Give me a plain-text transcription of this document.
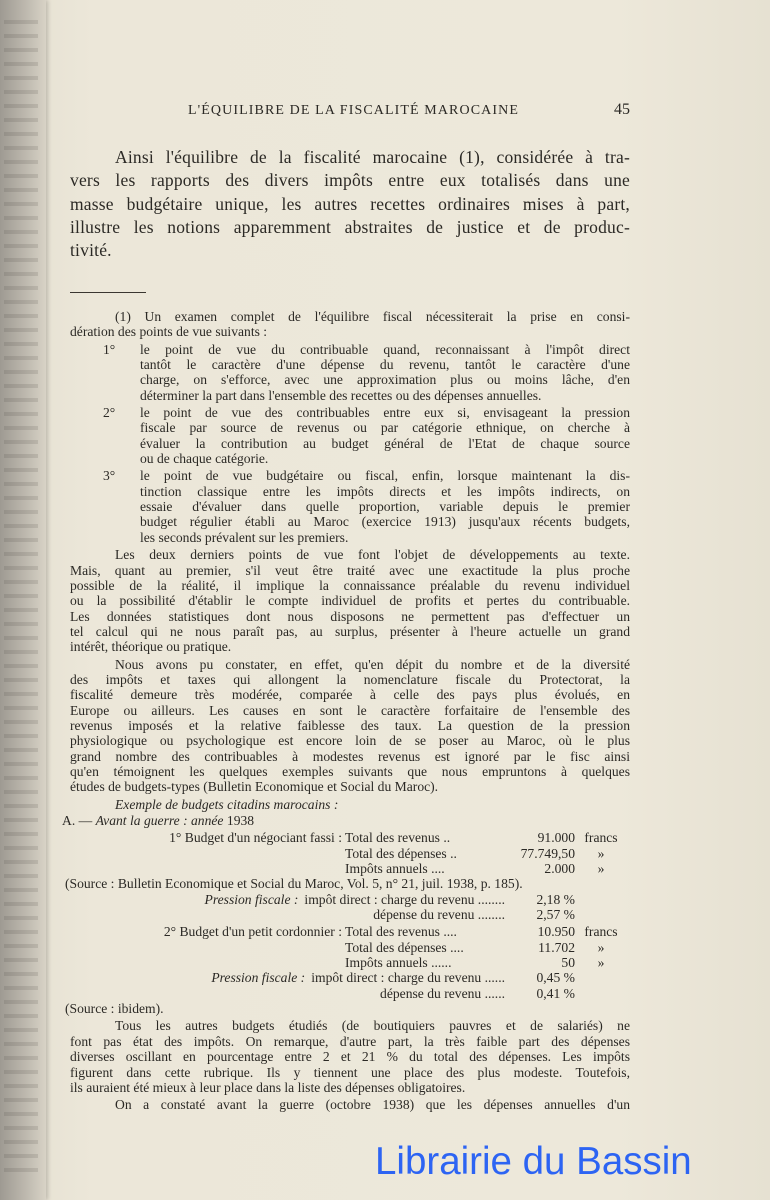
L'ÉQUILIBRE DE LA FISCALITÉ MAROCAINE	45
Ainsi l'équilibre de la fiscalité marocaine (1), considérée à tra-
vers les rapports des divers impôts entre eux totalisés dans une
masse budgétaire unique, les autres recettes ordinaires mises à part,
illustre les notions apparemment abstraites de justice et de produc-
tivité.
(1) Un examen complet de l'équilibre fiscal nécessiterait la prise en consi-
dération des points de vue suivants :
1°	le point de vue du contribuable quand, reconnaissant à l'impôt direct
tantôt le caractère d'une dépense du revenu, tantôt le caractère d'une
charge, on s'efforce, avec une approximation plus ou moins lâche, d'en
déterminer la part dans l'ensemble des recettes ou des dépenses annuelles.
2°	le point de vue des contribuables entre eux si, envisageant la pression
fiscale par source de revenus ou par catégorie ethnique, on cherche à
évaluer la contribution au budget général de l'Etat de chaque source
ou de chaque catégorie.
3°	le point de vue budgétaire ou fiscal, enfin, lorsque maintenant la dis-
tinction classique entre les impôts directs et les impôts indirects, on
essaie d'évaluer dans quelle proportion, variable depuis le premier
budget régulier établi au Maroc (exercice 1913) jusqu'aux récents budgets,
les seconds prévalent sur les premiers.
Les deux derniers points de vue font l'objet de développements au texte.
Mais, quant au premier, s'il veut être traité avec une exactitude la plus proche
possible de la réalité, il implique la connaissance préalable du revenu individuel
ou la possibilité d'établir le compte individuel de profits et pertes du contribuable.
Les données statistiques dont nous disposons ne permettent pas d'effectuer un
tel calcul qui ne nous paraît pas, au surplus, présenter à l'heure actuelle un grand
intérêt, théorique ou pratique.
Nous avons pu constater, en effet, qu'en dépit du nombre et de la diversité
des impôts et taxes qui allongent la nomenclature fiscale du Protectorat, la
fiscalité demeure très modérée, comparée à celle des pays plus évolués, en
Europe ou ailleurs. Les causes en sont le caractère forfaitaire de l'ensemble des
revenus imposés et la relative faiblesse des taux. La question de la pression
physiologique ou psychologique est encore loin de se poser au Maroc, où le plus
grand nombre des contribuables à modestes revenus est ignoré par le fisc ainsi
qu'en témoignent les quelques exemples suivants que nous empruntons à quelques
études de budgets-types (Bulletin Economique et Social du Maroc).
Exemple de budgets citadins marocains :
A. — Avant la guerre : année 1938
1° Budget d'un négociant fassi : Total des revenus ..	91.000 francs
Total des dépenses ..	77.749,50	»
Impôts annuels ....	2.000	»
(Source : Bulletin Economique et Social du Maroc, Vol. 5, n° 21, juil. 1938, p. 185).
Pression fiscale : impôt direct : charge du revenu ........	2,18 %
dépense du revenu ........	2,57 %
2° Budget d'un petit cordonnier : Total des revenus ....	10.950 francs
Total des dépenses ....	11.702	»
Impôts annuels ......	50	»
Pression fiscale : impôt direct : charge du revenu ......	0,45 %
dépense du revenu ......	0,41 %
(Source : ibidem).
Tous les autres budgets étudiés (de boutiquiers pauvres et de salariés) ne
font pas état des impôts. On remarque, d'autre part, la très faible part des dépenses
diverses oscillant en pourcentage entre 2 et 21 % du total des dépenses. Les impôts
figurent dans cette rubrique. Ils y tiennent une place des plus modeste. Toutefois,
ils auraient été mieux à leur place dans la liste des dépenses obligatoires.
On a constaté avant la guerre (octobre 1938) que les dépenses annuelles d'un
Librairie du Bassin
